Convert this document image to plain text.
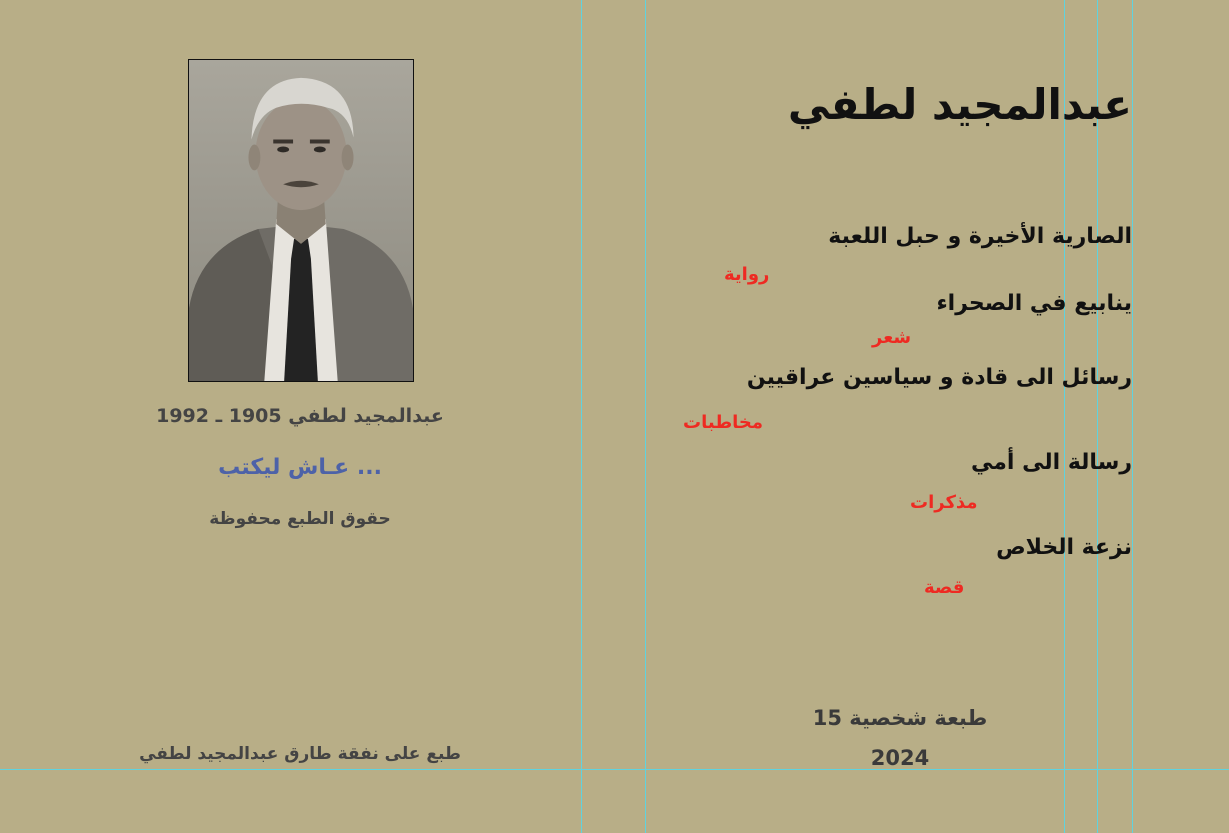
عبدالمجيد لطفي 1905 ـ 1992
عـاش ليكتب ...
حقوق الطبع محفوظة
طبع على نفقة طارق عبدالمجيد لطفي
عبدالمجيد لطفي
الصارية الأخيرة و حبل اللعبة
رواية
ينابيع في الصحراء
شعر
رسائل الى قادة و سياسين عراقيين
مخاطبات
رسالة الى أمي
مذكرات
نزعة الخلاص
قصة
طبعة شخصية 15
2024
